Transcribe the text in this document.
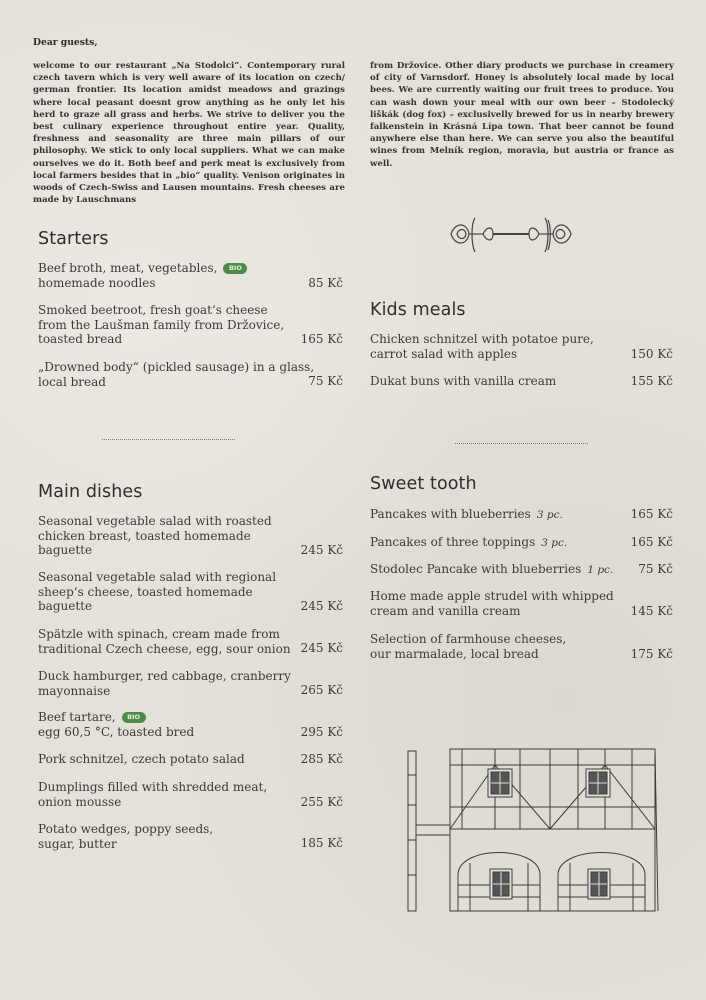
Dear guests,

welcome to our restaurant „Na Stodolci“. Contemporary rural czech tavern which is very well aware of its location on czech/ german frontier. Its location amidst meadows and grazings where local peasant doesnt grow anything as he only let his herd to graze all grass and herbs. We strive to deliver you the best culinary experience throughout entire year. Quality, freshness and seasonality are three main pillars of our philosophy. We stick to only local suppliers. What we can make ourselves we do it. Both beef and perk meat is exclusively from local farmers besides that in „bio“ quality. Venison originates in woods of Czech-Swiss and Lausen mountains. Fresh cheeses are made by Lauschmans

from Držovice. Other diary products we purchase in creamery of city of Varnsdorf. Honey is absolutely local made by local bees. We are currently waiting our fruit trees to produce. You can wash down your meal with our own beer – Stodolecký liškák (dog fox) – exclusivelly brewed for us in nearby brewery falkenstein in Krásná Lípa town. That beer cannot be found anywhere else than here. We can serve you also the beautiful wines from Melník region, moravia, but austria or france as well.

Starters
Beef broth, meat, vegetables, BIO
homemade noodles	85 Kč
Smoked beetroot, fresh goat‘s cheese
from the Laušman family from Držovice,
toasted bread	165 Kč
„Drowned body“ (pickled sausage) in a glass,
local bread	75 Kč
Main dishes
Seasonal vegetable salad with roasted
chicken breast, toasted homemade
baguette	245 Kč
Seasonal vegetable salad with regional
sheep‘s cheese, toasted homemade
baguette	245 Kč
Spätzle with spinach, cream made from
traditional Czech cheese, egg, sour onion 245 Kč
Duck hamburger, red cabbage, cranberry
mayonnaise	265 Kč
Beef tartare, BIO
egg 60,5 °C, toasted bred	295 Kč
Pork schnitzel, czech potato salad	285 Kč
Dumplings filled with shredded meat,
onion mousse	255 Kč
Potato wedges, poppy seeds,
sugar, butter	185 Kč
Kids meals
Chicken schnitzel with potatoe pure,
carrot salad with apples	150 Kč
Dukat buns with vanilla cream	155 Kč
Sweet tooth
Pancakes with blueberries 3 pc.	165 Kč
Pancakes of three toppings 3 pc.	165 Kč
Stodolec Pancake with blueberries 1 pc. 75 Kč
Home made apple strudel with whipped
cream and vanilla cream	145 Kč
Selection of farmhouse cheeses,
our marmalade, local bread	175 Kč
